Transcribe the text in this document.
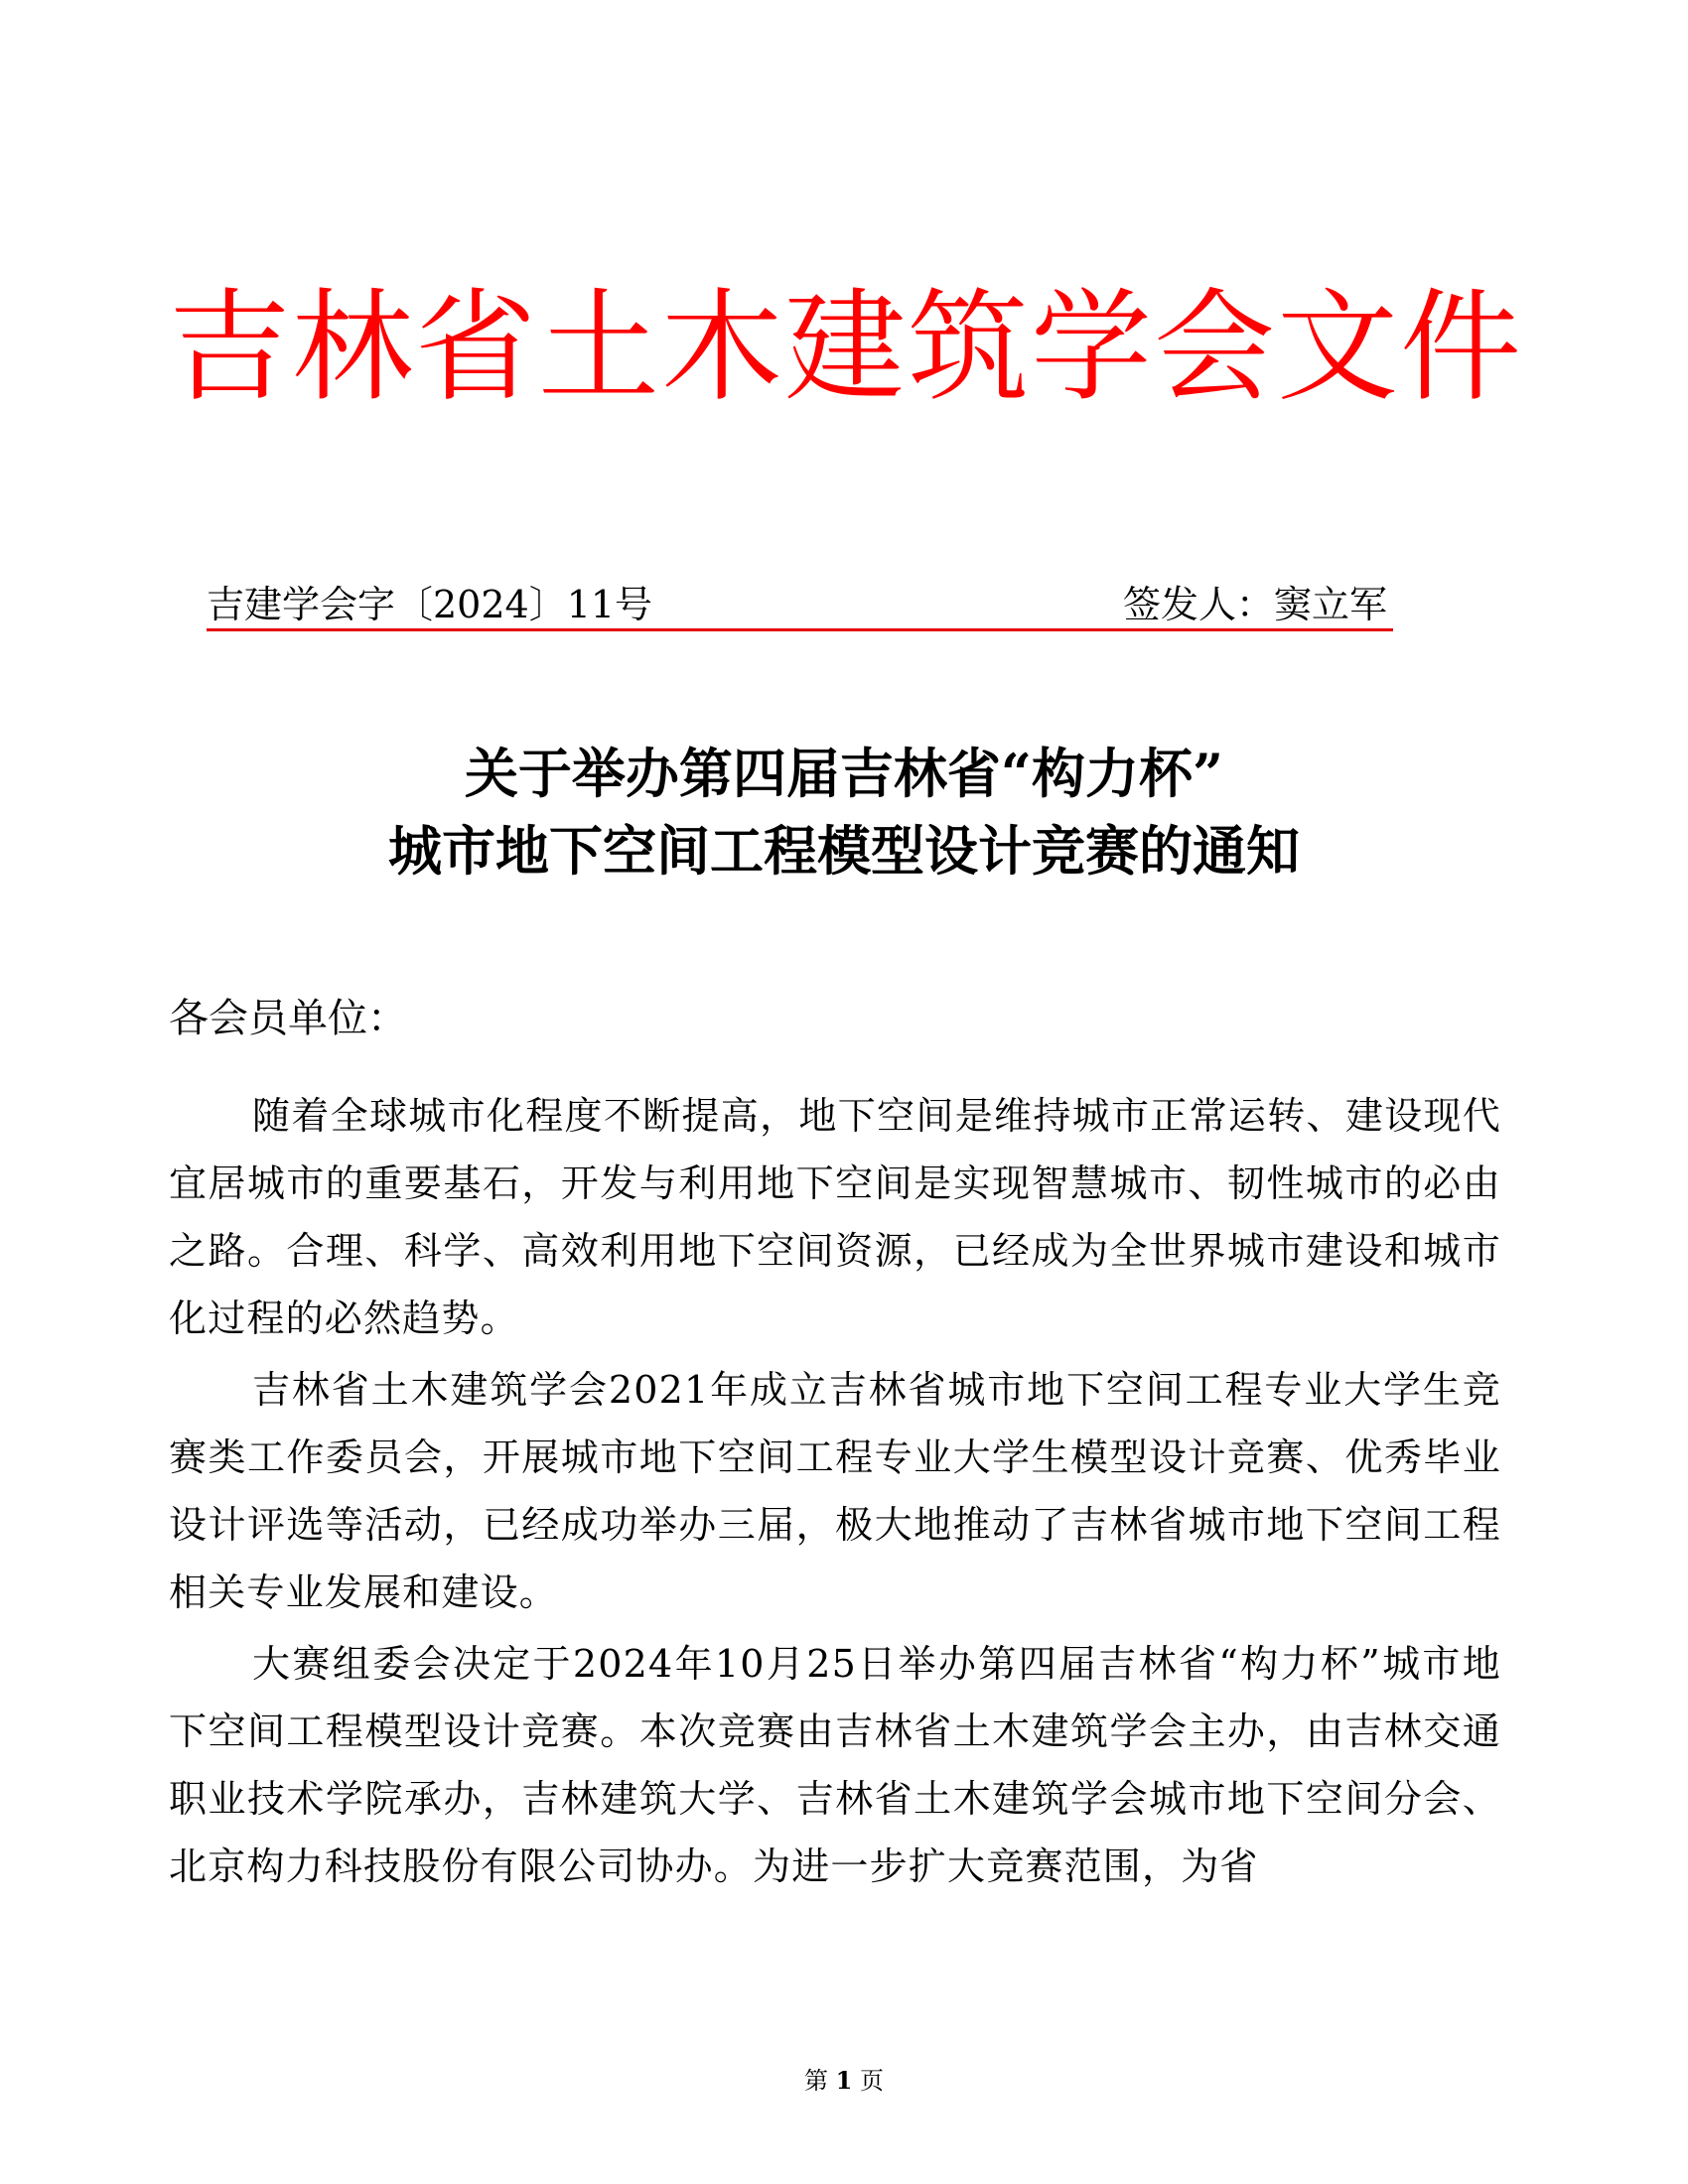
吉林省土木建筑学会文件
吉建学会字〔2024〕11号	签发人：窦立军
关于举办第四届吉林省“构力杯”
城市地下空间工程模型设计竞赛的通知
各会员单位：

随着全球城市化程度不断提高，地下空间是维持城市正常运转、建设现代宜居城市的重要基石，开发与利用地下空间是实现智慧城市、韧性城市的必由之路。合理、科学、高效利用地下空间资源，已经成为全世界城市建设和城市化过程的必然趋势。

吉林省土木建筑学会2021年成立吉林省城市地下空间工程专业大学生竞赛类工作委员会，开展城市地下空间工程专业大学生模型设计竞赛、优秀毕业设计评选等活动，已经成功举办三届，极大地推动了吉林省城市地下空间工程相关专业发展和建设。

大赛组委会决定于2024年10月25日举办第四届吉林省“构力杯”城市地下空间工程模型设计竞赛。本次竞赛由吉林省土木建筑学会主办，由吉林交通职业技术学院承办，吉林建筑大学、吉林省土木建筑学会城市地下空间分会、北京构力科技股份有限公司协办。为进一步扩大竞赛范围，为省

第 1 页
